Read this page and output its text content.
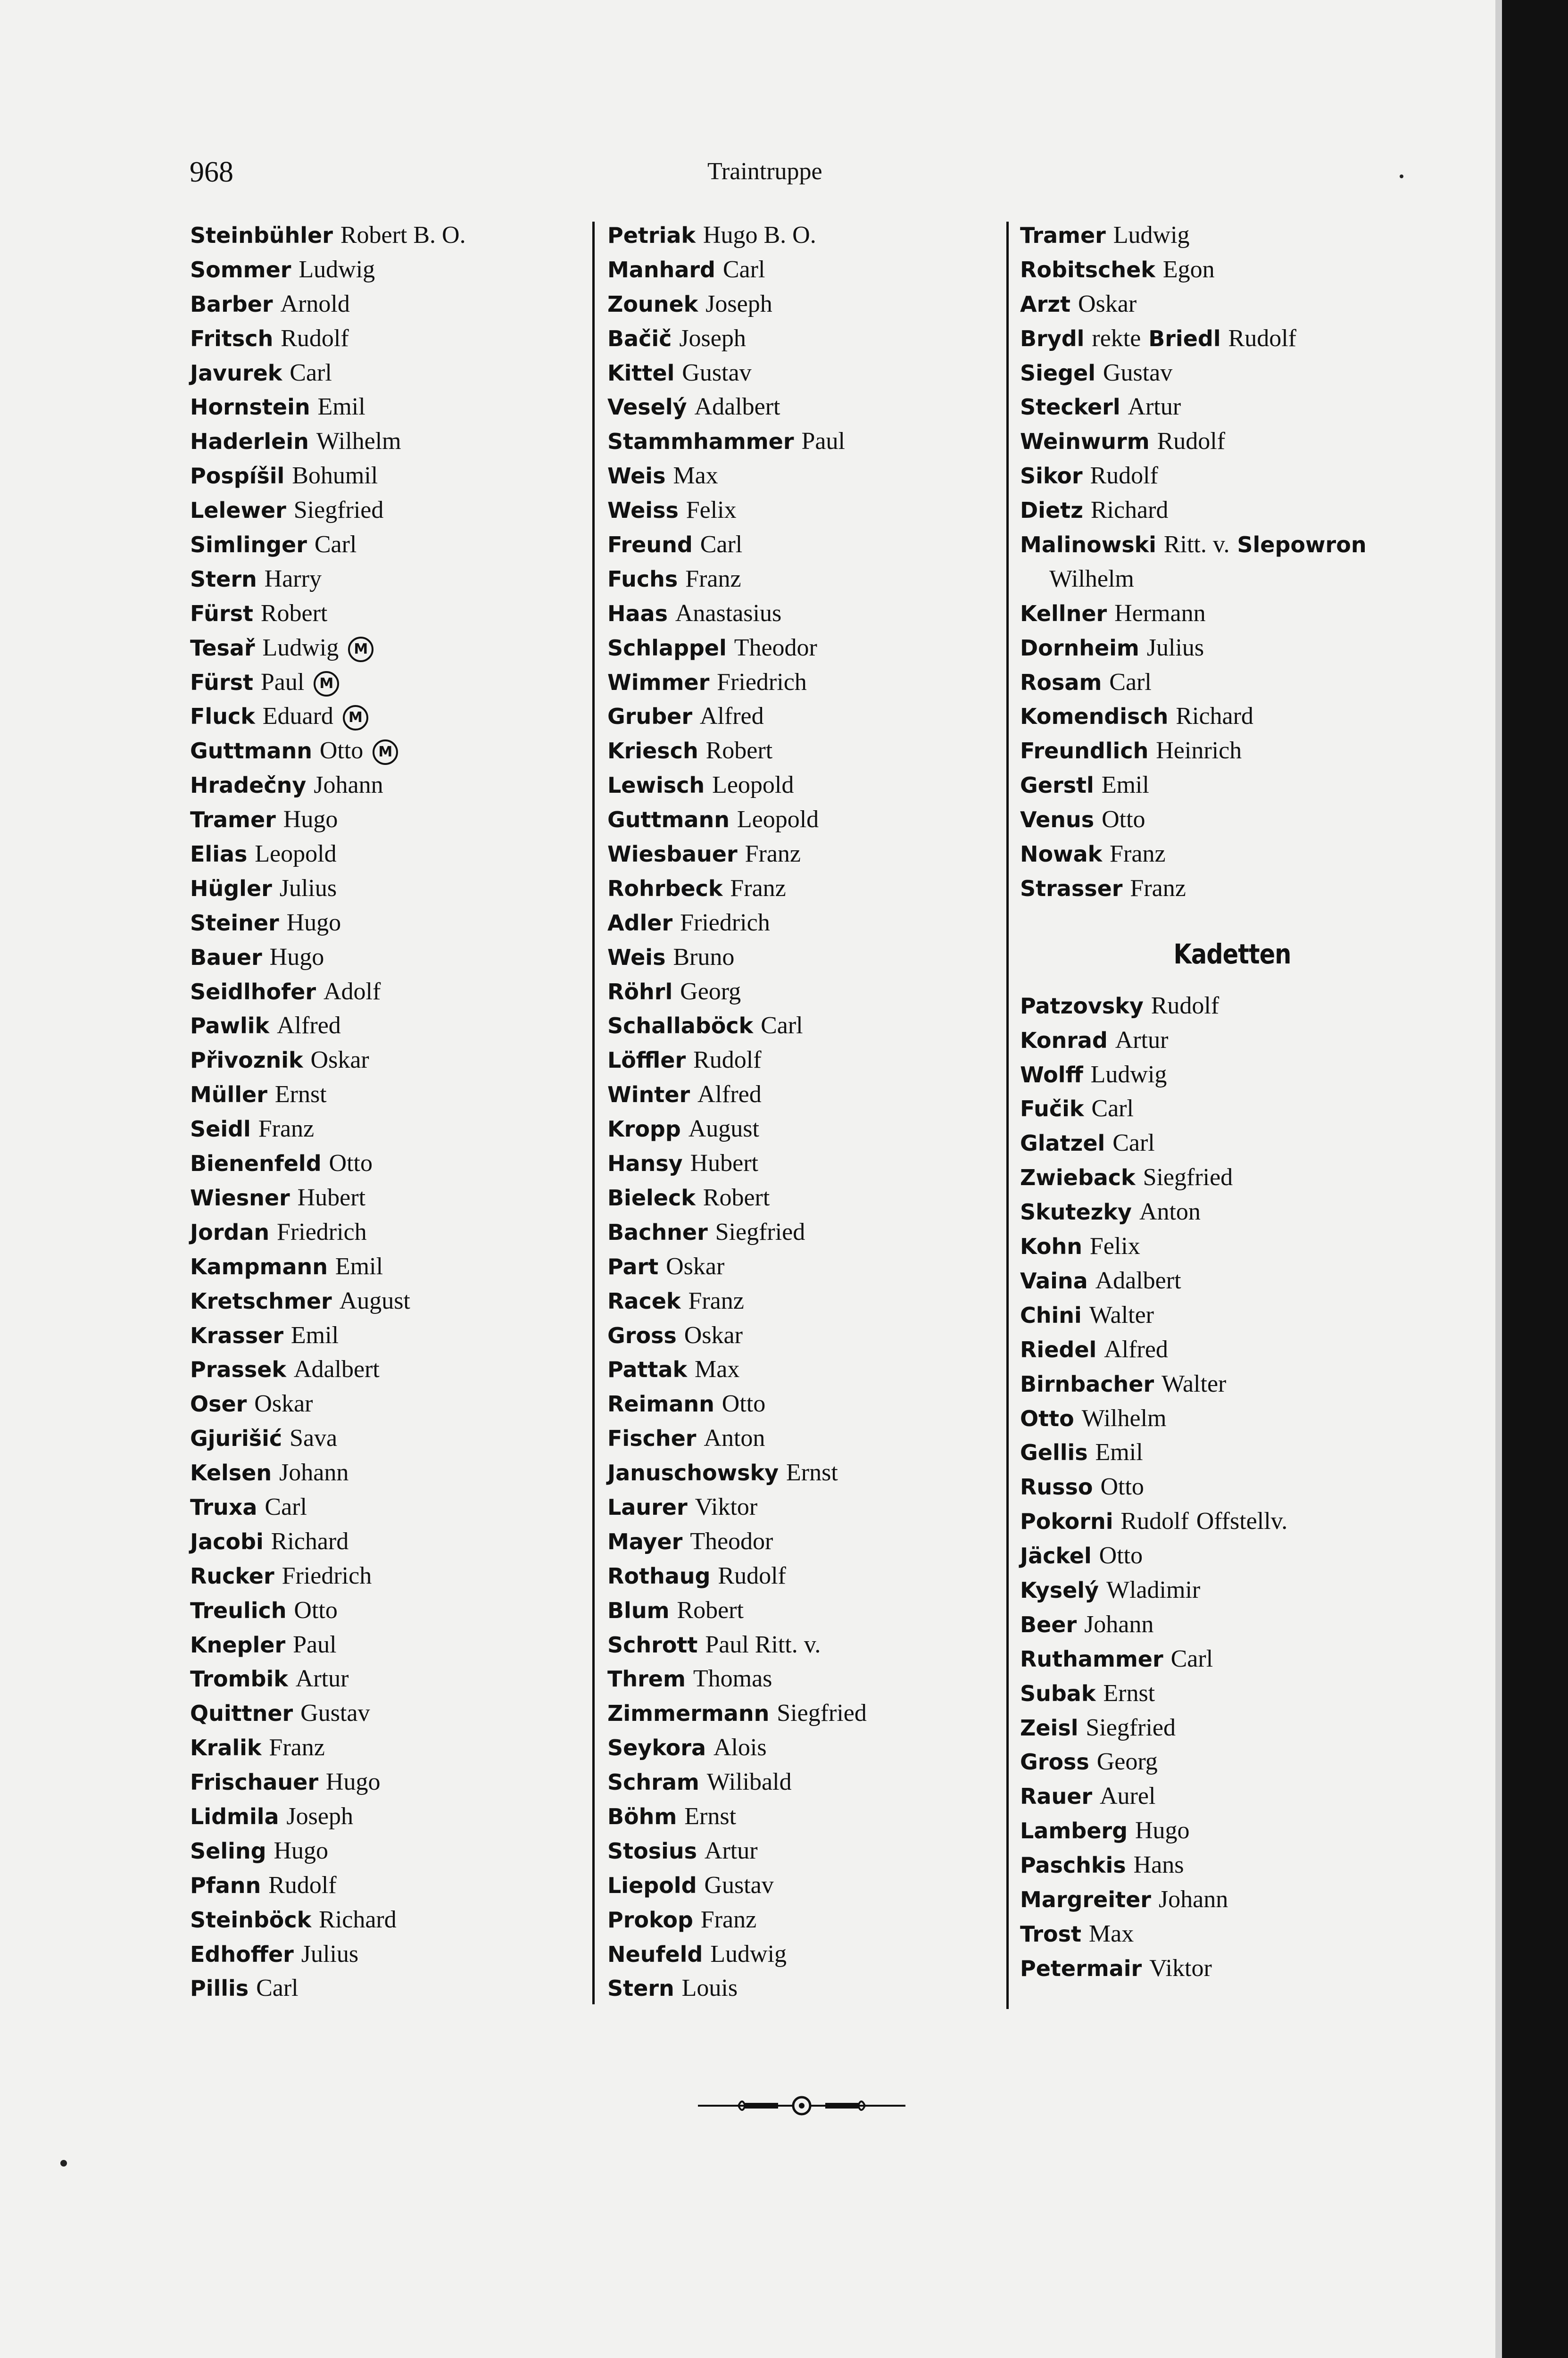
968	Traintruppe
Steinbühler Robert B. O.
Sommer Ludwig
Barber Arnold
Fritsch Rudolf
Javurek Carl
Hornstein Emil
Haderlein Wilhelm
Pospíšil Bohumil
Lelewer Siegfried
Simlinger Carl
Stern Harry
Fürst Robert
Tesař Ludwig M
Fürst Paul M
Fluck Eduard M
Guttmann Otto M
Hradečny Johann
Tramer Hugo
Elias Leopold
Hügler Julius
Steiner Hugo
Bauer Hugo
Seidlhofer Adolf
Pawlik Alfred
Přivoznik Oskar
Müller Ernst
Seidl Franz
Bienenfeld Otto
Wiesner Hubert
Jordan Friedrich
Kampmann Emil
Kretschmer August
Krasser Emil
Prassek Adalbert
Oser Oskar
Gjurišić Sava
Kelsen Johann
Truxa Carl
Jacobi Richard
Rucker Friedrich
Treulich Otto
Knepler Paul
Trombik Artur
Quittner Gustav
Kralik Franz
Frischauer Hugo
Lidmila Joseph
Seling Hugo
Pfann Rudolf
Steinböck Richard
Edhoffer Julius
Pillis Carl
Petriak Hugo B. O.
Manhard Carl
Zounek Joseph
Bačič Joseph
Kittel Gustav
Veselý Adalbert
Stammhammer Paul
Weis Max
Weiss Felix
Freund Carl
Fuchs Franz
Haas Anastasius
Schlappel Theodor
Wimmer Friedrich
Gruber Alfred
Kriesch Robert
Lewisch Leopold
Guttmann Leopold
Wiesbauer Franz
Rohrbeck Franz
Adler Friedrich
Weis Bruno
Röhrl Georg
Schallaböck Carl
Löffler Rudolf
Winter Alfred
Kropp August
Hansy Hubert
Bieleck Robert
Bachner Siegfried
Part Oskar
Racek Franz
Gross Oskar
Pattak Max
Reimann Otto
Fischer Anton
Januschowsky Ernst
Laurer Viktor
Mayer Theodor
Rothaug Rudolf
Blum Robert
Schrott Paul Ritt. v.
Threm Thomas
Zimmermann Siegfried
Seykora Alois
Schram Wilibald
Böhm Ernst
Stosius Artur
Liepold Gustav
Prokop Franz
Neufeld Ludwig
Stern Louis
Tramer Ludwig
Robitschek Egon
Arzt Oskar
Brydl rekte Briedl Rudolf
Siegel Gustav
Steckerl Artur
Weinwurm Rudolf
Sikor Rudolf
Dietz Richard
Malinowski Ritt. v. Slepowron
Wilhelm
Kellner Hermann
Dornheim Julius
Rosam Carl
Komendisch Richard
Freundlich Heinrich
Gerstl Emil
Venus Otto
Nowak Franz
Strasser Franz
Kadetten
Patzovsky Rudolf
Konrad Artur
Wolff Ludwig
Fučik Carl
Glatzel Carl
Zwieback Siegfried
Skutezky Anton
Kohn Felix
Vaina Adalbert
Chini Walter
Riedel Alfred
Birnbacher Walter
Otto Wilhelm
Gellis Emil
Russo Otto
Pokorni Rudolf Offstellv.
Jäckel Otto
Kyselý Wladimir
Beer Johann
Ruthammer Carl
Subak Ernst
Zeisl Siegfried
Gross Georg
Rauer Aurel
Lamberg Hugo
Paschkis Hans
Margreiter Johann
Trost Max
Petermair Viktor
